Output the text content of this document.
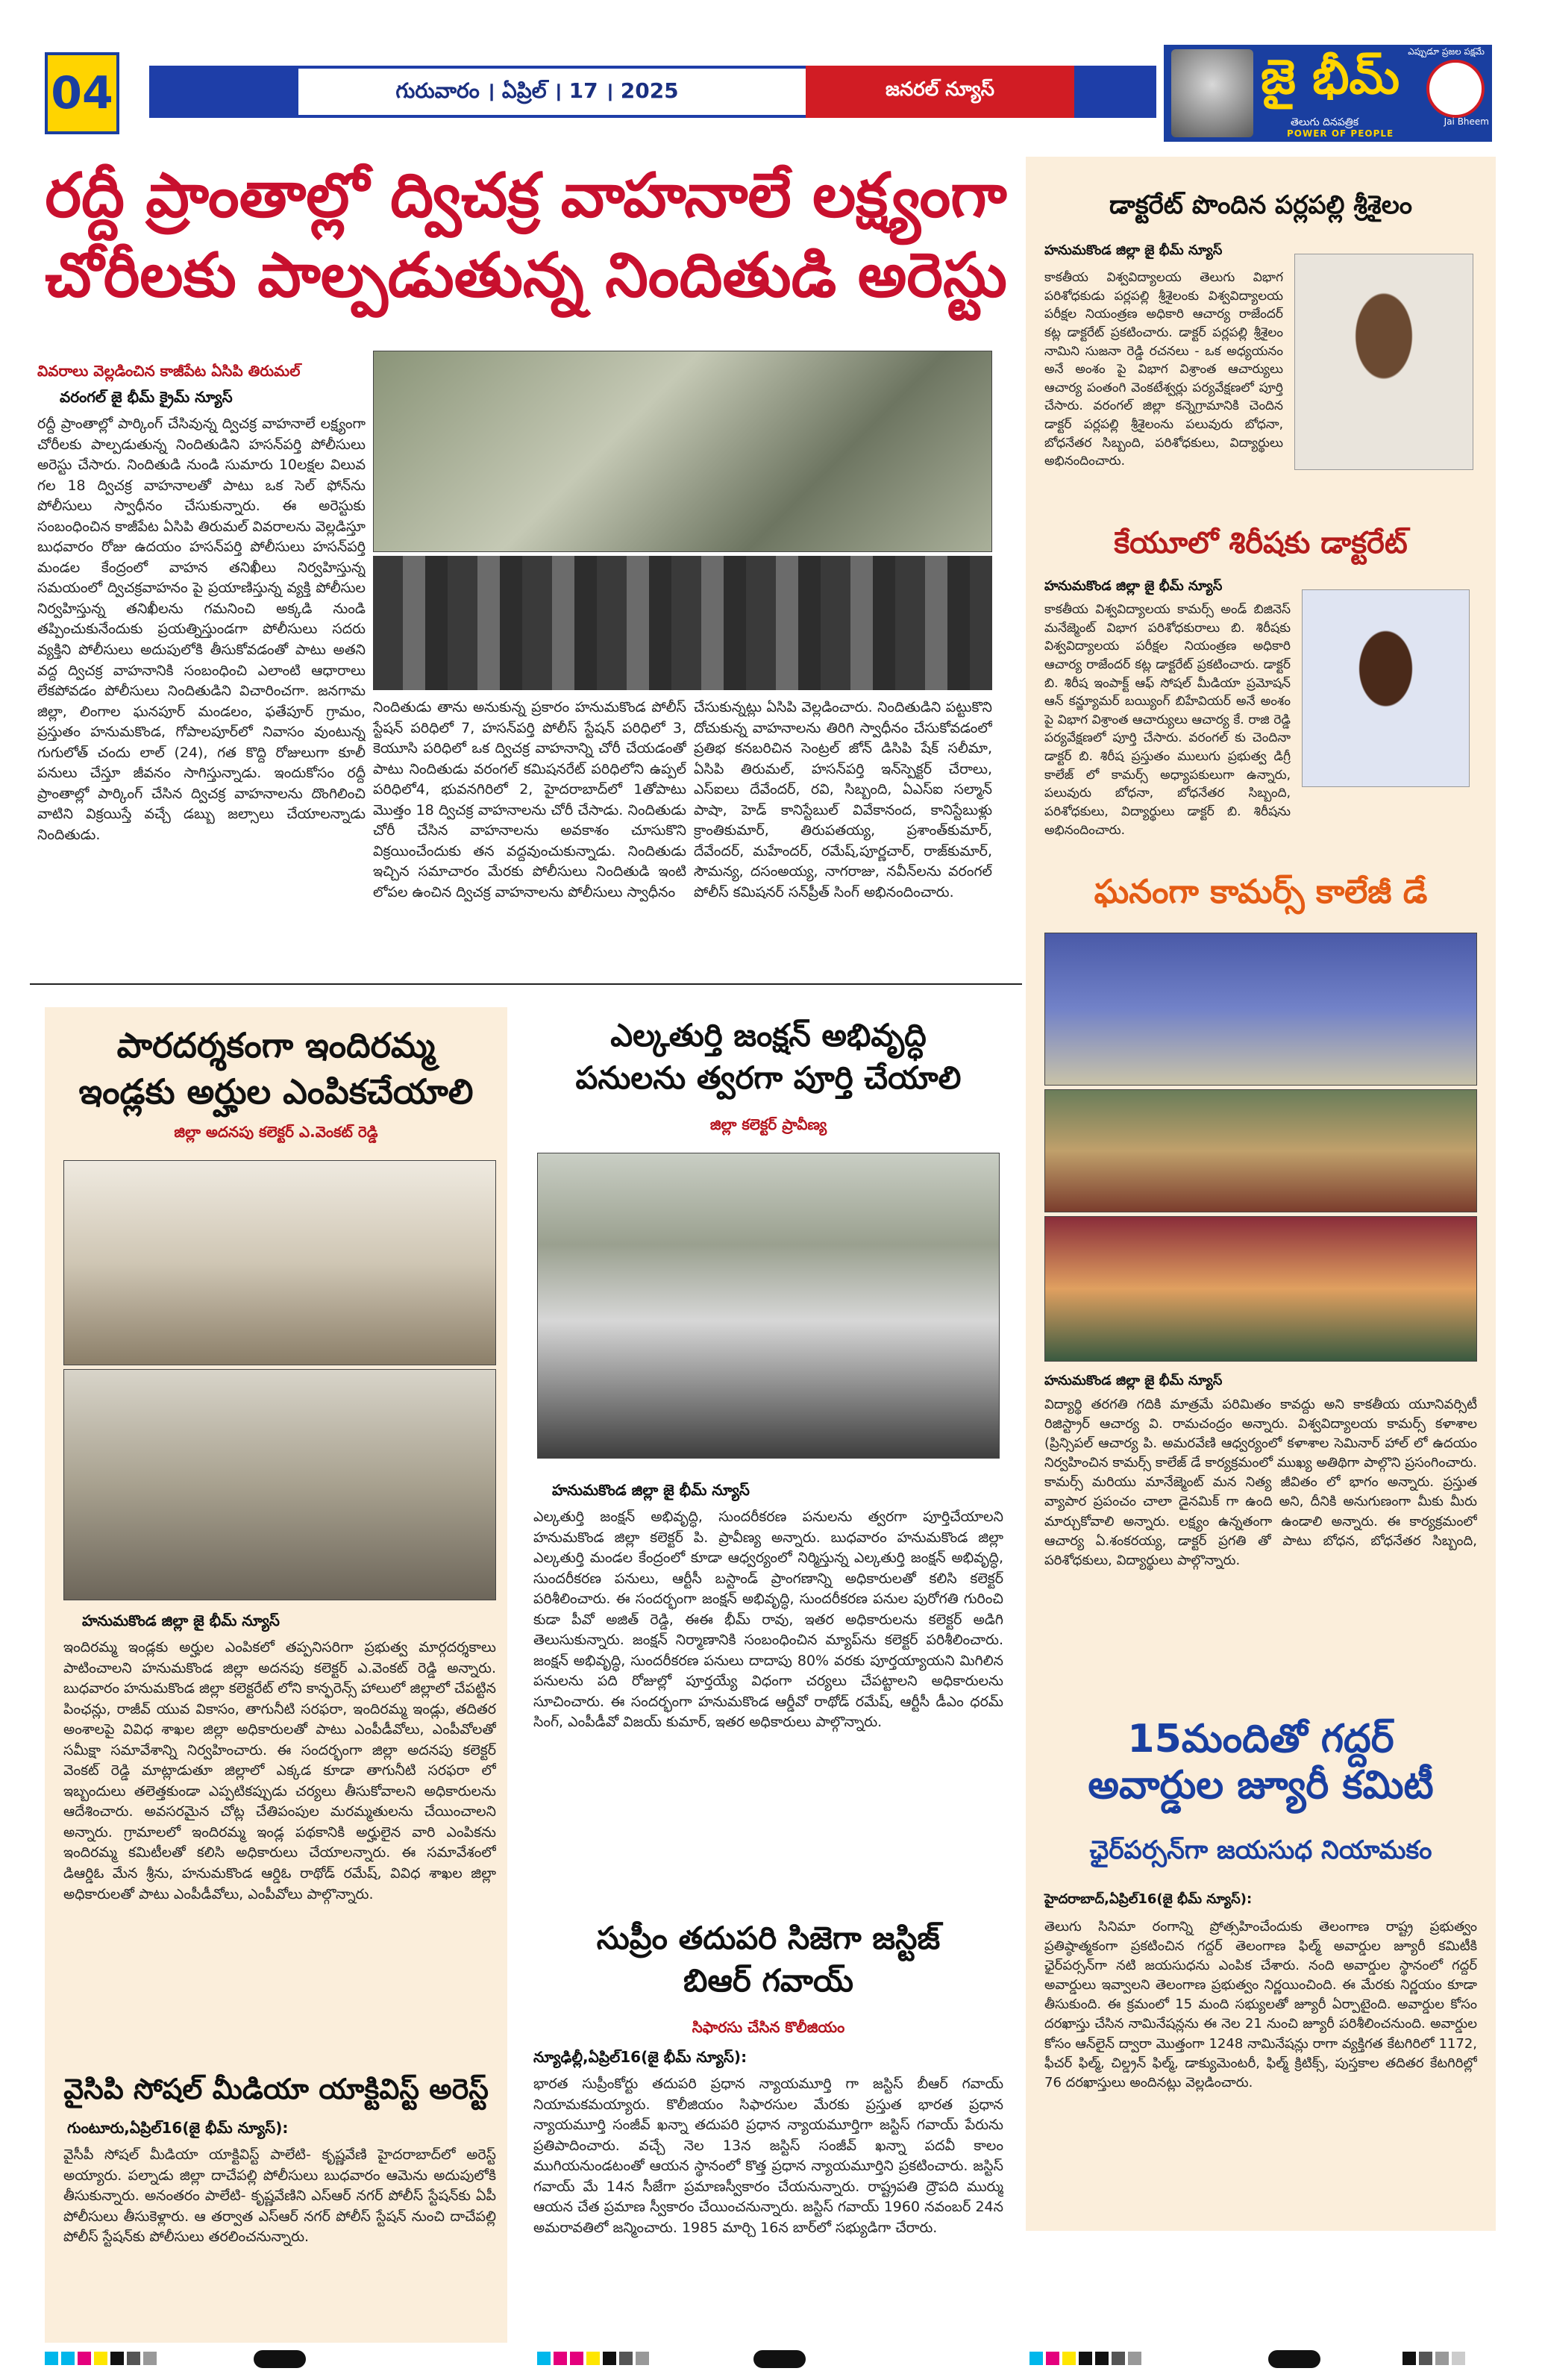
04	గురువారం । ఏప్రిల్ । 17 । 2025	జనరల్ న్యూస్
ఎప్పుడూ ప్రజల పక్షమే
జై భీమ్
తెలుగు దినపత్రిక
POWER OF PEOPLE
Jai Bheem
రద్దీ ప్రాంతాల్లో ద్విచక్ర వాహనాలే లక్ష్యంగా
చోరీలకు పాల్పడుతున్న నిందితుడి అరెస్టు
వివరాలు వెల్లడించిన కాజీపేట ఏసిపి తిరుమల్
వరంగల్ జై భీమ్ క్రైమ్ న్యూస్
రద్దీ ప్రాంతాల్లో పార్కింగ్ చేసివున్న ద్విచక్ర వాహనాలే లక్ష్యంగా చోరీలకు పాల్పడుతున్న నిందితుడిని హసన్‌పర్తి పోలీసులు అరెస్టు చేసారు. నిందితుడి నుండి సుమారు 10లక్షల విలువ గల 18 ద్విచక్ర వాహనాలతో పాటు ఒక సెల్ ఫోన్‌ను పోలీసులు స్వాధీనం చేసుకున్నారు. ఈ అరెస్టుకు సంబంధించిన కాజీపేట ఏసిపి తిరుమల్ వివరాలను వెల్లడిస్తూ బుధవారం రోజు ఉదయం హసన్‌పర్తి పోలీసులు హసన్‌పర్తి మండల కేంద్రంలో వాహన తనిఖీలు నిర్వహిస్తున్న సమయంలో ద్విచక్రవాహనం పై ప్రయాణిస్తున్న వ్యక్తి పోలీసుల నిర్వహిస్తున్న తనిఖీలను గమనించి అక్కడి నుండి తప్పించుకునేందుకు ప్రయత్నిస్తుండగా పోలీసులు సదరు వ్యక్తిని పోలీసులు అదుపులోకి తీసుకోవడంతో పాటు అతని వద్ద ద్విచక్ర వాహనానికి సంబంధించి ఎలాంటి ఆధారాలు లేకపోవడం పోలీసులు నిందితుడిని విచారించగా. జనగామ జిల్లా, లింగాల ఘనపూర్ మండలం, ఫతేపూర్ గ్రామం, ప్రస్తుతం హనుమకొండ, గోపాలపూర్‌లో నివాసం వుంటున్న గుగులోత్ చందు లాల్ (24), గత కొద్ది రోజులుగా కూలీ పనులు చేస్తూ జీవనం సాగిస్తున్నాడు. ఇందుకోసం రద్దీ ప్రాంతాల్లో పార్కింగ్ చేసిన ద్విచక్ర వాహనాలను దొంగిలించి వాటిని విక్రయిస్తే వచ్చే డబ్బు జల్సాలు చేయాలన్నాడు నిందితుడు.
నిందితుడు తాను అనుకున్న ప్రకారం హనుమకొండ పోలీస్ స్టేషన్ పరిధిలో 7, హసన్‌పర్తి పోలీస్ స్టేషన్ పరిధిలో 3, కెయూసి పరిధిలో ఒక ద్విచక్ర వాహనాన్ని చోరీ చేయడంతో పాటు నిందితుడు వరంగల్ కమిషనరేట్ పరిధిలోని ఉప్పల్ పరిధిలో4, భువనగిరిలో 2, హైదరాబాద్‌లో 1తోపాటు మొత్తం 18 ద్విచక్ర వాహనాలను చోరీ చేసాడు. నిందితుడు చోరీ చేసిన వాహనాలను అవకాశం చూసుకొని విక్రయించేందుకు తన వద్దవుంచుకున్నాడు. నిందితుడు ఇచ్చిన సమాచారం మేరకు పోలీసులు నిందితుడి ఇంటి లోపల ఉంచిన ద్విచక్ర వాహనాలను పోలీసులు స్వాధీనం
చేసుకున్నట్లు ఏసిపి వెల్లడించారు. నిందితుడిని పట్టుకొని దోచుకున్న వాహనాలను తిరిగి స్వాధీనం చేసుకోవడంలో ప్రతిభ కనబరిచిన సెంట్రల్ జోన్ డిసిపి షేక్ సలీమా, ఏసిపి తిరుమల్, హసన్‌పర్తి ఇన్‌స్పెక్టర్ చేరాలు, ఎస్‌ఐలు దేవేందర్, రవి, సిబ్బంది, ఏఎస్‌ఐ సల్మాన్ పాషా, హెడ్ కానిస్టేబుల్ వివేకానంద, కానిస్టేబుళ్లు క్రాంతికుమార్, తిరుపతయ్య, ప్రశాంత్‌కుమార్, దేవేందర్, మహేందర్, రమేష్,పూర్ణచార్, రాజ్‌కుమార్, సౌమన్య, దసంఅయ్య, నాగరాజు, నవీన్‌లను వరంగల్ పోలీస్ కమిషనర్ సన్‌ప్రీత్ సింగ్ అభినందించారు.
పారదర్శకంగా ఇందిరమ్మ
ఇండ్లకు అర్హుల ఎంపికచేయాలి
జిల్లా అదనపు కలెక్టర్ ఎ.వెంకట్ రెడ్డి
హనుమకొండ జిల్లా జై భీమ్ న్యూస్
ఇందిరమ్మ ఇండ్లకు అర్హుల ఎంపికలో తప్పనిసరిగా ప్రభుత్వ మార్గదర్శకాలు పాటించాలని హనుమకొండ జిల్లా అదనపు కలెక్టర్ ఎ.వెంకట్ రెడ్డి అన్నారు. బుధవారం హనుమకొండ జిల్లా కలెక్టరేట్ లోని కాన్ఫరెన్స్ హాలులో జిల్లాలో చేపట్టిన పింఛన్లు, రాజీవ్ యువ వికాసం, తాగునీటి సరఫరా, ఇందిరమ్మ ఇండ్లు, తదితర అంశాలపై వివిధ శాఖల జిల్లా అధికారులతో పాటు ఎంపీడీవోలు, ఎంపీవోలతో సమీక్షా సమావేశాన్ని నిర్వహించారు. ఈ సందర్భంగా జిల్లా అదనపు కలెక్టర్ వెంకట్ రెడ్డి మాట్లాడుతూ జిల్లాలో ఎక్కడ కూడా తాగునీటి సరఫరా లో ఇబ్బందులు తలెత్తకుండా ఎప్పటికప్పుడు చర్యలు తీసుకోవాలని అధికారులను ఆదేశించారు. అవసరమైన చోట్ల చేతిపంపుల మరమ్మతులను చేయించాలని అన్నారు. గ్రామాలలో ఇందిరమ్మ ఇండ్ల పథకానికి అర్హులైన వారి ఎంపికను ఇందిరమ్మ కమిటీలతో కలిసి అధికారులు చేయాలన్నారు. ఈ సమావేశంలో డిఆర్డిఓ మేన శ్రీను, హనుమకొండ ఆర్డిఓ రాథోడ్ రమేష్, వివిధ శాఖల జిల్లా అధికారులతో పాటు ఎంపీడీవోలు, ఎంపీవోలు పాల్గొన్నారు.
వైసిపి సోషల్ మీడియా యాక్టివిస్ట్ అరెస్ట్
గుంటూరు,ఏప్రిల్16(జై భీమ్ న్యూస్):
వైసీపీ సోషల్ మీడియా యాక్టివిస్ట్ పాలేటి- కృష్ణవేణి హైదరాబాద్‌లో అరెస్ట్ అయ్యారు. పల్నాడు జిల్లా దాచేపల్లి పోలీసులు బుధవారం ఆమెను అదుపులోకి తీసుకున్నారు. అనంతరం పాలేటి- కృష్ణవేణిని ఎస్ఆర్ నగర్ పోలీస్ స్టేషన్‌కు ఏపీ పోలీసులు తీసుకెళ్లారు. ఆ తర్వాత ఎస్ఆర్ నగర్ పోలీస్ స్టేషన్ నుంచి దాచేపల్లి పోలీస్ స్టేషన్‌కు పోలీసులు తరలించనున్నారు.
ఎల్కతుర్తి జంక్షన్ అభివృద్ధి
పనులను త్వరగా పూర్తి చేయాలి
జిల్లా కలెక్టర్ ప్రావీణ్య
హనుమకొండ జిల్లా జై భీమ్ న్యూస్
ఎల్కతుర్తి జంక్షన్ అభివృద్ధి, సుందరీకరణ పనులను త్వరగా పూర్తిచేయాలని హనుమకొండ జిల్లా కలెక్టర్ పి. ప్రావీణ్య అన్నారు. బుధవారం హనుమకొండ జిల్లా ఎల్కతుర్తి మండల కేంద్రంలో కూడా ఆధ్వర్యంలో నిర్మిస్తున్న ఎల్కతుర్తి జంక్షన్ అభివృద్ధి, సుందరీకరణ పనులు, ఆర్టీసీ బస్టాండ్ ప్రాంగణాన్ని అధికారులతో కలిసి కలెక్టర్ పరిశీలించారు. ఈ సందర్భంగా జంక్షన్ అభివృద్ధి, సుందరీకరణ పనుల పురోగతి గురించి కుడా పీవో అజిత్ రెడ్డి, ఈఈ భీమ్ రావు, ఇతర అధికారులను కలెక్టర్ అడిగి తెలుసుకున్నారు. జంక్షన్ నిర్మాణానికి సంబంధించిన మ్యాప్‌ను కలెక్టర్ పరిశీలించారు. జంక్షన్ అభివృద్ధి, సుందరీకరణ పనులు దాదాపు 80% వరకు పూర్తయ్యాయని మిగిలిన పనులను పది రోజుల్లో పూర్తయ్యే విధంగా చర్యలు చేపట్టాలని అధికారులను సూచించారు. ఈ సందర్భంగా హనుమకొండ ఆర్డీవో రాథోడ్ రమేష్, ఆర్టీసీ డీఎం ధరమ్ సింగ్, ఎంపీడీవో విజయ్ కుమార్, ఇతర అధికారులు పాల్గొన్నారు.
సుప్రీం తదుపరి సిజెగా జస్టిజ్
బిఆర్ గవాయ్
సిఫారసు చేసిన కొలీజియం
న్యూఢిల్లీ,ఏప్రిల్16(జై భీమ్ న్యూస్):
భారత సుప్రీంకోర్టు తదుపరి ప్రధాన న్యాయమూర్తి గా జస్టిస్ బీఆర్ గవాయ్ నియామకమయ్యారు. కొలీజియం సిఫారసుల మేరకు ప్రస్తుత భారత ప్రధాన న్యాయమూర్తి సంజీవ్ ఖన్నా తదుపరి ప్రధాన న్యాయమూర్తిగా జస్టిస్ గవాయ్ పేరును ప్రతిపాదించారు. వచ్చే నెల 13న జస్టిస్ సంజీవ్ ఖన్నా పదవీ కాలం ముగియనుండటంతో ఆయన స్థానంలో కొత్త ప్రధాన న్యాయమూర్తిని ప్రకటించారు. జస్టిస్ గవాయ్ మే 14న సీజేగా ప్రమాణస్వీకారం చేయనున్నారు. రాష్ట్రపతి ద్రౌపది ముర్ము ఆయన చేత ప్రమాణ స్వీకారం చేయించనున్నారు. జస్టిస్ గవాయ్ 1960 నవంబర్ 24న అమరావతిలో జన్మించారు. 1985 మార్చి 16న బార్‌లో సభ్యుడిగా చేరారు.
డాక్టరేట్ పొందిన పర్లపల్లి శ్రీశైలం
హనుమకొండ జిల్లా జై భీమ్ న్యూస్
కాకతీయ విశ్వవిద్యాలయ తెలుగు విభాగ పరిశోధకుడు పర్లపల్లి శ్రీశైలంకు విశ్వవిద్యాలయ పరీక్షల నియంత్రణ అధికారి ఆచార్య రాజేందర్ కట్ల డాక్టరేట్ ప్రకటించారు. డాక్టర్ పర్లపల్లి శ్రీశైలం నామిని సుజనా రెడ్డి రచనలు - ఒక అధ్యయనం అనే అంశం పై విభాగ విశ్రాంత ఆచార్యులు ఆచార్య పంతంగి వెంకటేశ్వర్లు పర్యవేక్షణలో పూర్తి చేసారు. వరంగల్ జిల్లా కన్నెగ్రామానికి చెందిన డాక్టర్ పర్లపల్లి శ్రీశైలంను పలువురు బోధనా, బోధనేతర సిబ్బంది, పరిశోధకులు, విద్యార్థులు అభినందించారు.
కేయూలో శిరీషకు డాక్టరేట్
హనుమకొండ జిల్లా జై భీమ్ న్యూస్
కాకతీయ విశ్వవిద్యాలయ కామర్స్ అండ్ బిజినెస్ మనేజ్మెంట్ విభాగ పరిశోధకురాలు బి. శిరీషకు విశ్వవిద్యాలయ పరీక్షల నియంత్రణ అధికారి ఆచార్య రాజేందర్ కట్ల డాక్టరేట్ ప్రకటించారు. డాక్టర్ బి. శిరీష ఇంపాక్ట్ ఆఫ్ సోషల్ మీడియా ప్రమోషన్ ఆన్ కన్జ్యూమర్ బయ్యింగ్ బిహేవియర్ అనే అంశం పై విభాగ విశ్రాంత ఆచార్యులు ఆచార్య కే. రాజి రెడ్డి పర్యవేక్షణలో పూర్తి చేసారు. వరంగల్ కు చెందినా డాక్టర్ బి. శిరీష ప్రస్తుతం ములుగు ప్రభుత్వ డిగ్రీ కాలేజ్ లో కామర్స్ అధ్యాపకులుగా ఉన్నారు, పలువురు బోధనా, బోధనేతర సిబ్బంది, పరిశోధకులు, విద్యార్థులు డాక్టర్ బి. శిరీషను అభినందించారు.
ఘనంగా కామర్స్ కాలేజీ డే
హనుమకొండ జిల్లా జై భీమ్ న్యూస్
విద్యార్థి తరగతి గదికి మాత్రమే పరిమితం కావద్దు అని కాకతీయ యూనివర్సిటీ రిజిస్ట్రార్ ఆచార్య వి. రామచంద్రం అన్నారు. విశ్వవిద్యాలయ కామర్స్ కళాశాల (ప్రిన్సిపల్ ఆచార్య పి. అమరవేణి ఆధ్వర్యంలో కళాశాల సెమినార్ హాల్ లో ఉదయం నిర్వహించిన కామర్స్ కాలేజ్ డే కార్యక్రమంలో ముఖ్య అతిథిగా పాల్గొని ప్రసంగించారు. కామర్స్ మరియు మానేజ్మెంట్ మన నిత్య జీవితం లో భాగం అన్నారు. ప్రస్తుత వ్యాపార ప్రపంచం చాలా డైనమిక్ గా ఉంది అని, దీనికి అనుగుణంగా మీకు మీరు మార్చుకోవాలి అన్నారు. లక్ష్యం ఉన్నతంగా ఉండాలి అన్నారు. ఈ కార్యక్రమంలో ఆచార్య ఏ.శంకరయ్య, డాక్టర్ ప్రగతి తో పాటు బోధన, బోధనేతర సిబ్బంది, పరిశోధకులు, విద్యార్థులు పాల్గొన్నారు.
15మందితో గద్దర్
అవార్డుల జ్యూరీ కమిటీ
ఛైర్‌పర్సన్‌గా జయసుధ నియామకం
హైదరాబాద్,ఏప్రిల్16(జై భీమ్ న్యూస్):
తెలుగు సినిమా రంగాన్ని ప్రోత్సహించేందుకు తెలంగాణ రాష్ట్ర ప్రభుత్వం ప్రతిష్ఠాత్మకంగా ప్రకటించిన గద్దర్ తెలంగాణ ఫిల్మ్ అవార్డుల జ్యూరీ కమిటీకి ఛైర్‌పర్సన్‌గా నటి జయసుధను ఎంపిక చేశారు. నంది అవార్డుల స్థానంలో గద్దర్ అవార్డులు ఇవ్వాలని తెలంగాణ ప్రభుత్వం నిర్ణయించింది. ఈ మేరకు నిర్ణయం కూడా తీసుకుంది. ఈ క్రమంలో 15 మంది సభ్యులతో జ్యూరీ ఏర్పాటైంది. అవార్డుల కోసం దరఖాస్తు చేసిన నామినేషన్లను ఈ నెల 21 నుంచి జ్యూరీ పరిశీలించనుంది. అవార్డుల కోసం ఆన్‌లైన్ ద్వారా మొత్తంగా 1248 నామినేషన్లు రాగా వ్యక్తిగత కేటగిరిలో 1172, ఫీచర్ ఫిల్మ్, చిల్డ్రన్ ఫిల్మ్, డాక్యుమెంటరీ, ఫిల్మ్ క్రిటిక్స్, పుస్తకాల తదితర కేటగిరిల్లో 76 దరఖాస్తులు అందినట్లు వెల్లడించారు.
